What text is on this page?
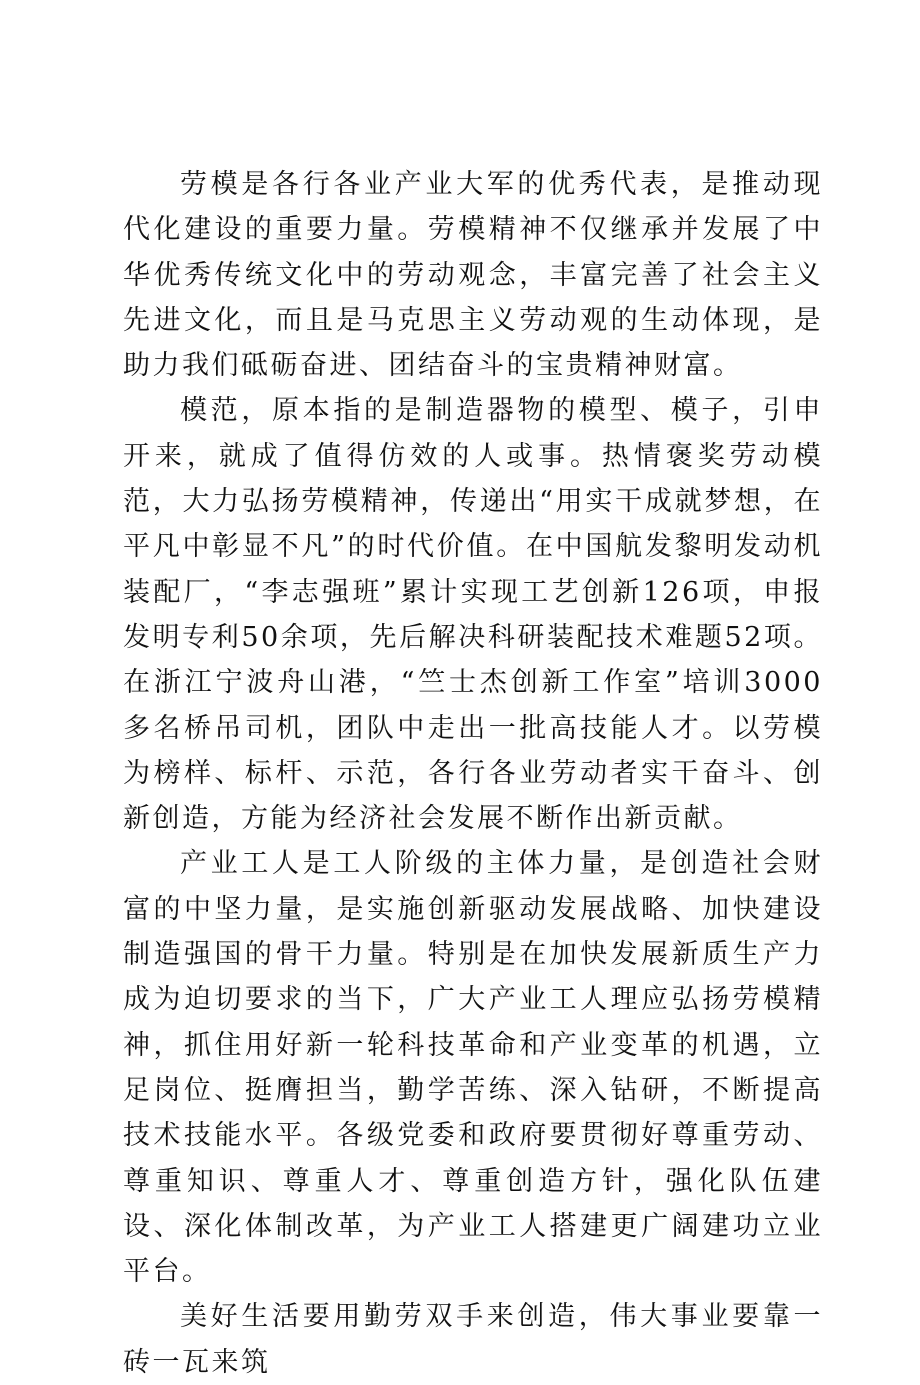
劳模是各行各业产业大军的优秀代表，是推动现代化建设的重要力量。劳模精神不仅继承并发展了中华优秀传统文化中的劳动观念，丰富完善了社会主义先进文化，而且是马克思主义劳动观的生动体现，是助力我们砥砺奋进、团结奋斗的宝贵精神财富。

模范，原本指的是制造器物的模型、模子，引申开来，就成了值得仿效的人或事。热情褒奖劳动模范，大力弘扬劳模精神，传递出“用实干成就梦想，在平凡中彰显不凡”的时代价值。在中国航发黎明发动机装配厂，“李志强班”累计实现工艺创新126项，申报发明专利50余项，先后解决科研装配技术难题52项。在浙江宁波舟山港，“竺士杰创新工作室”培训3000多名桥吊司机，团队中走出一批高技能人才。以劳模为榜样、标杆、示范，各行各业劳动者实干奋斗、创新创造，方能为经济社会发展不断作出新贡献。

产业工人是工人阶级的主体力量，是创造社会财富的中坚力量，是实施创新驱动发展战略、加快建设制造强国的骨干力量。特别是在加快发展新质生产力成为迫切要求的当下，广大产业工人理应弘扬劳模精神，抓住用好新一轮科技革命和产业变革的机遇，立足岗位、挺膺担当，勤学苦练、深入钻研，不断提高技术技能水平。各级党委和政府要贯彻好尊重劳动、尊重知识、尊重人才、尊重创造方针，强化队伍建设、深化体制改革，为产业工人搭建更广阔建功立业平台。

美好生活要用勤劳双手来创造，伟大事业要靠一砖一瓦来筑
